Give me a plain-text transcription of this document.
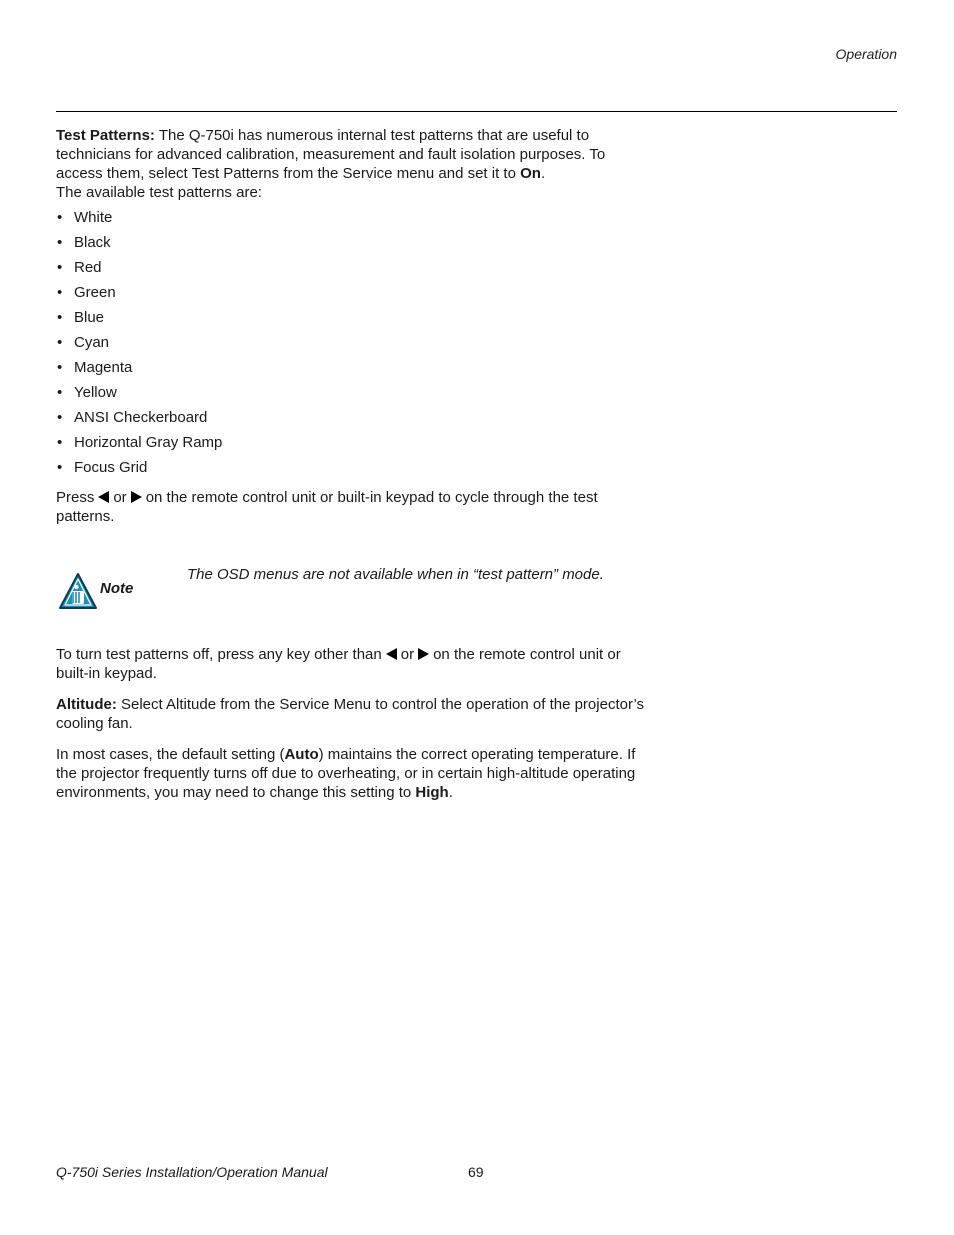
Operation

Test Patterns: The Q-750i has numerous internal test patterns that are useful to technicians for advanced calibration, measurement and fault isolation purposes. To access them, select Test Patterns from the Service menu and set it to On.

The available test patterns are:

• White
• Black
• Red
• Green
• Blue
• Cyan
• Magenta
• Yellow
• ANSI Checkerboard
• Horizontal Gray Ramp
• Focus Grid

Press or on the remote control unit or built-in keypad to cycle through the test patterns.

Note
The OSD menus are not available when in “test pattern” mode.

To turn test patterns off, press any key other than or on the remote control unit or built-in keypad.

Altitude: Select Altitude from the Service Menu to control the operation of the projector’s cooling fan.

In most cases, the default setting (Auto) maintains the correct operating temperature. If the projector frequently turns off due to overheating, or in certain high-altitude operating environments, you may need to change this setting to High.

Q-750i Series Installation/Operation Manual	69
